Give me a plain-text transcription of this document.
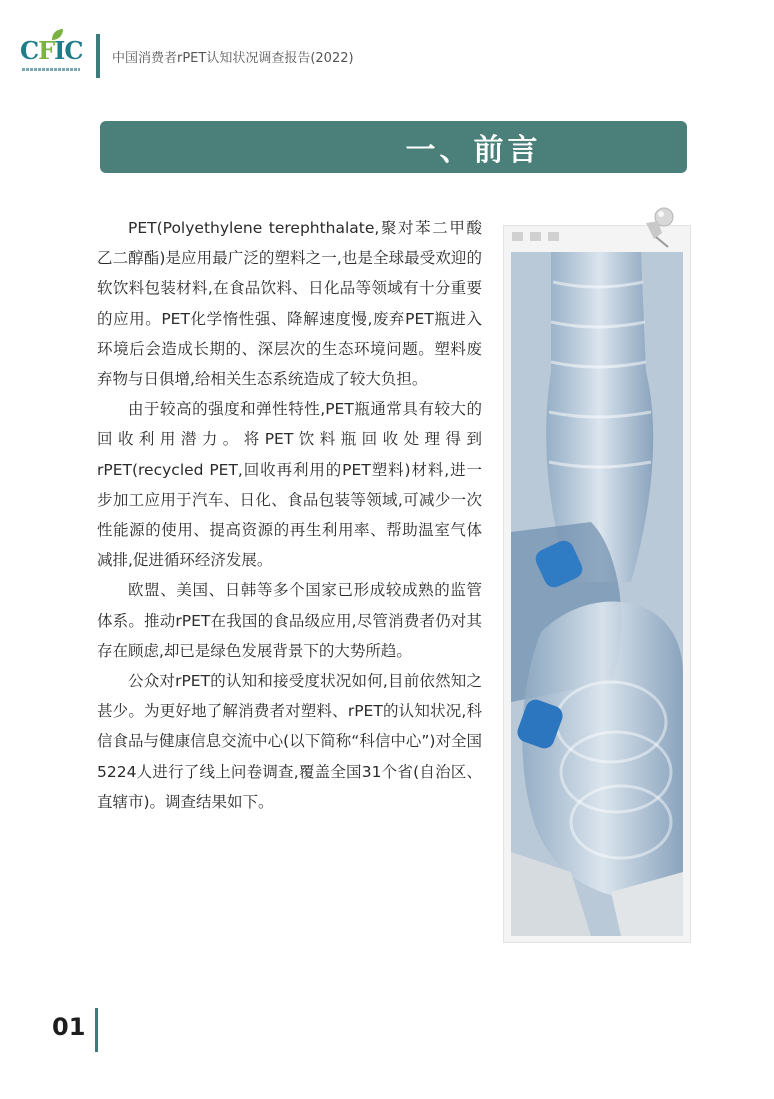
CFIC 中国消费者rPET认知状况调查报告(2022)
一、前言

PET(Polyethylene terephthalate,聚对苯二甲酸乙二醇酯)是应用最广泛的塑料之一,也是全球最受欢迎的软饮料包装材料,在食品饮料、日化品等领域有十分重要的应用。PET化学惰性强、降解速度慢,废弃PET瓶进入环境后会造成长期的、深层次的生态环境问题。塑料废弃物与日俱增,给相关生态系统造成了较大负担。

由于较高的强度和弹性特性,PET瓶通常具有较大的回收利用潜力。将PET饮料瓶回收处理得到rPET(recycled PET,回收再利用的PET塑料)材料,进一步加工应用于汽车、日化、食品包装等领域,可减少一次性能源的使用、提高资源的再生利用率、帮助温室气体减排,促进循环经济发展。

欧盟、美国、日韩等多个国家已形成较成熟的监管体系。推动rPET在我国的食品级应用,尽管消费者仍对其存在顾虑,却已是绿色发展背景下的大势所趋。

公众对rPET的认知和接受度状况如何,目前依然知之甚少。为更好地了解消费者对塑料、rPET的认知状况,科信食品与健康信息交流中心(以下简称“科信中心”)对全国5224人进行了线上问卷调查,覆盖全国31个省(自治区、直辖市)。调查结果如下。

01
